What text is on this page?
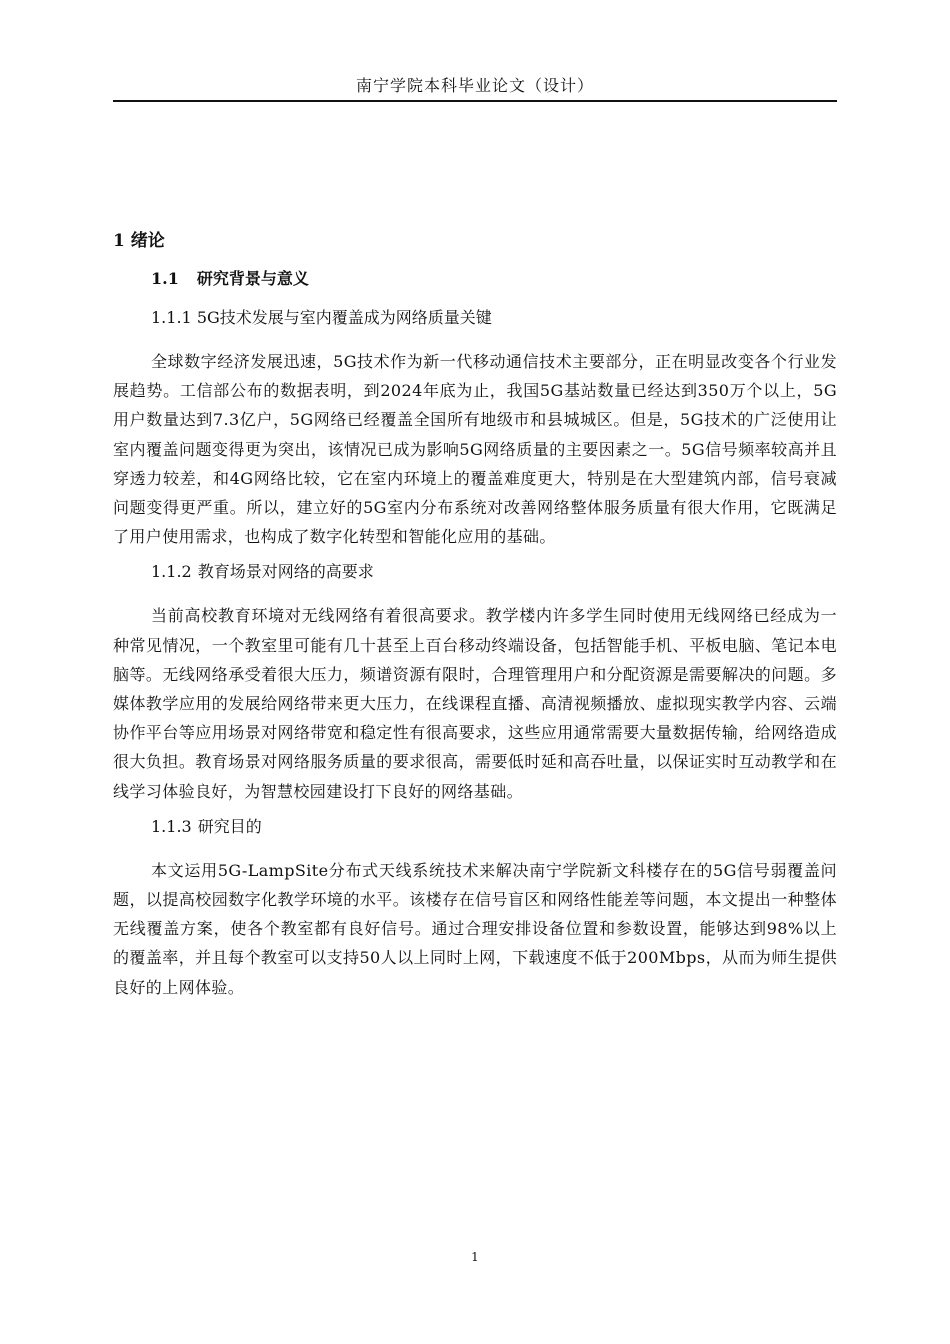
南宁学院本科毕业论文（设计）
1 绪论
1.1 研究背景与意义
1.1.1 5G技术发展与室内覆盖成为网络质量关键

全球数字经济发展迅速，5G技术作为新一代移动通信技术主要部分，正在明显改变各个行业发展趋势。工信部公布的数据表明，到2024年底为止，我国5G基站数量已经达到350万个以上，5G用户数量达到7.3亿户，5G网络已经覆盖全国所有地级市和县城城区。但是，5G技术的广泛使用让室内覆盖问题变得更为突出，该情况已成为影响5G网络质量的主要因素之一。5G信号频率较高并且穿透力较差，和4G网络比较，它在室内环境上的覆盖难度更大，特别是在大型建筑内部，信号衰减问题变得更严重。所以，建立好的5G室内分布系统对改善网络整体服务质量有很大作用，它既满足了用户使用需求，也构成了数字化转型和智能化应用的基础。

1.1.2 教育场景对网络的高要求

当前高校教育环境对无线网络有着很高要求。教学楼内许多学生同时使用无线网络已经成为一种常见情况，一个教室里可能有几十甚至上百台移动终端设备，包括智能手机、平板电脑、笔记本电脑等。无线网络承受着很大压力，频谱资源有限时，合理管理用户和分配资源是需要解决的问题。多媒体教学应用的发展给网络带来更大压力，在线课程直播、高清视频播放、虚拟现实教学内容、云端协作平台等应用场景对网络带宽和稳定性有很高要求，这些应用通常需要大量数据传输，给网络造成很大负担。教育场景对网络服务质量的要求很高，需要低时延和高吞吐量，以保证实时互动教学和在线学习体验良好，为智慧校园建设打下良好的网络基础。

1.1.3 研究目的

本文运用5G-LampSite分布式天线系统技术来解决南宁学院新文科楼存在的5G信号弱覆盖问题，以提高校园数字化教学环境的水平。该楼存在信号盲区和网络性能差等问题，本文提出一种整体无线覆盖方案，使各个教室都有良好信号。通过合理安排设备位置和参数设置，能够达到98%以上的覆盖率，并且每个教室可以支持50人以上同时上网，下载速度不低于200Mbps，从而为师生提供良好的上网体验。

1
